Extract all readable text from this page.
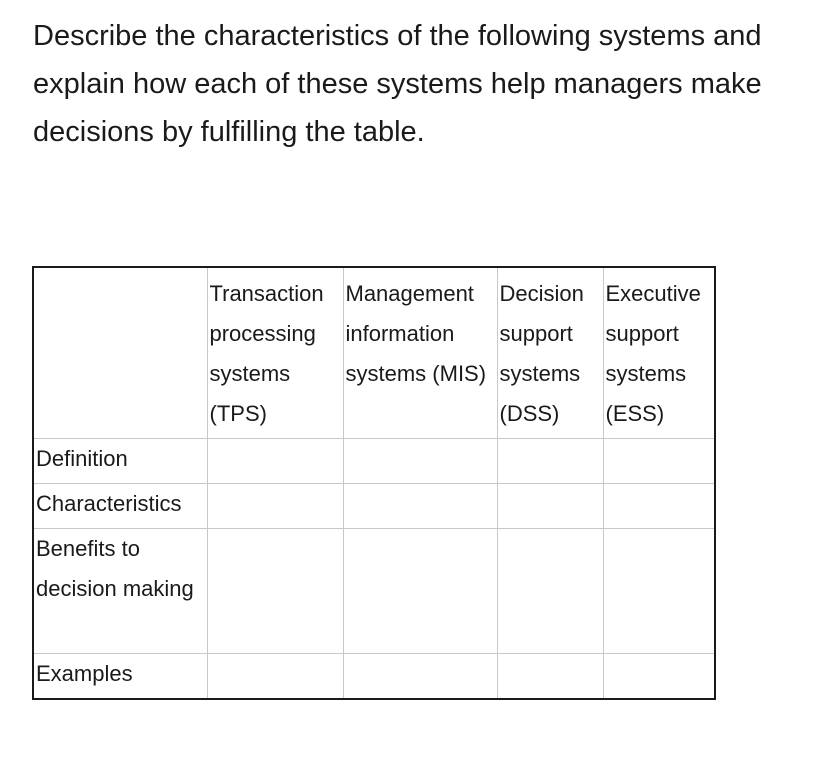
Describe the characteristics of the following systems and explain how each of these systems help managers make decisions by fulfilling the table.

	Transaction processing systems (TPS)	Management information systems (MIS)	Decision support systems (DSS)	Executive support systems (ESS)
Definition				
Characteristics				
Benefits to decision making				
Examples				
